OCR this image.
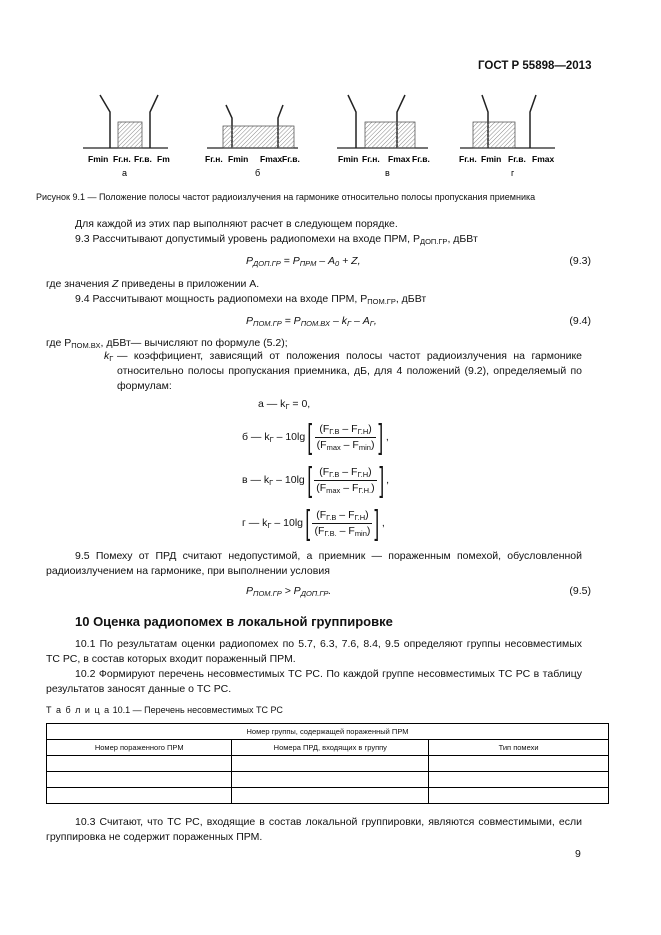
ГОСТ Р 55898—2013
Fmin Fг.н. Fг.в. Fm
а
Fг.н. Fmin Fmax Fг.в.
б
Fmin Fг.н. Fmax Fг.в.
в
Fг.н. Fmin Fг.в. Fmax
г
Рисунок 9.1 — Положение полосы частот радиоизлучения на гармонике относительно полосы пропускания приемника
Для каждой из этих пар выполняют расчет в следующем порядке.
9.3 Рассчитывают допустимый уровень радиопомехи на входе ПРМ, $P_{ДОП.ГР}$, дБВт
$P_{ДОП.ГР} = P_{ПРМ} - A_0 + Z$,	(9.3)
где значения Z приведены в приложении А.
9.4 Рассчитывают мощность радиопомехи на входе ПРМ, $P_{ПОМ.ГР}$, дБВт
$P_{ПОМ.ГР} = P_{ПОМ.ВХ} - k_Г - A_Г$,	(9.4)
где $P_{ПОМ.ВХ}$, дБВт— вычисляют по формуле (5.2);
$k_Г$ — коэффициент, зависящий от положения полосы частот радиоизлучения на гармонике относительно полосы пропускания приемника, дБ, для 4 положений (9.2), определяемый по формулам:
а — $k_Г = 0$,
б — $k_Г - 10\lg[ \frac{(F_{Г.В} - F_{Г.Н})}{(F_{max} - F_{min})}$ ] ,
в — $k_Г - 10\lg[ \frac{(F_{Г.В} - F_{Г.Н})}{(F_{max} - F_{Г.Н.})}$ ] ,
г — $k_Г - 10\lg[ \frac{(F_{Г.В} - F_{Г.Н})}{(F_{Г.В.} - F_{min})}$ ] ,
9.5 Помеху от ПРД считают недопустимой, а приемник — пораженным помехой, обусловленной радиоизлучением на гармонике, при выполнении условия
$P_{ПОМ.ГР} > P_{ДОП.ГР}$.	(9.5)
10 Оценка радиопомех в локальной группировке
10.1 По результатам оценки радиопомех по 5.7, 6.3, 7.6, 8.4, 9.5 определяют группы несовместимых ТС РС, в состав которых входит пораженный ПРМ.
10.2 Формируют перечень несовместимых ТС РС. По каждой группе несовместимых ТС РС в таблицу результатов заносят данные о ТС РС.
Т а б л и ц а 10.1 — Перечень несовместимых ТС РС
Номер группы, содержащей пораженный ПРМ		
Номер пораженного ПРМ	Номера ПРД, входящих в группу	Тип помехи

10.3 Считают, что ТС РС, входящие в состав локальной группировки, являются совместимыми, если группировка не содержит пораженных ПРМ.
9
